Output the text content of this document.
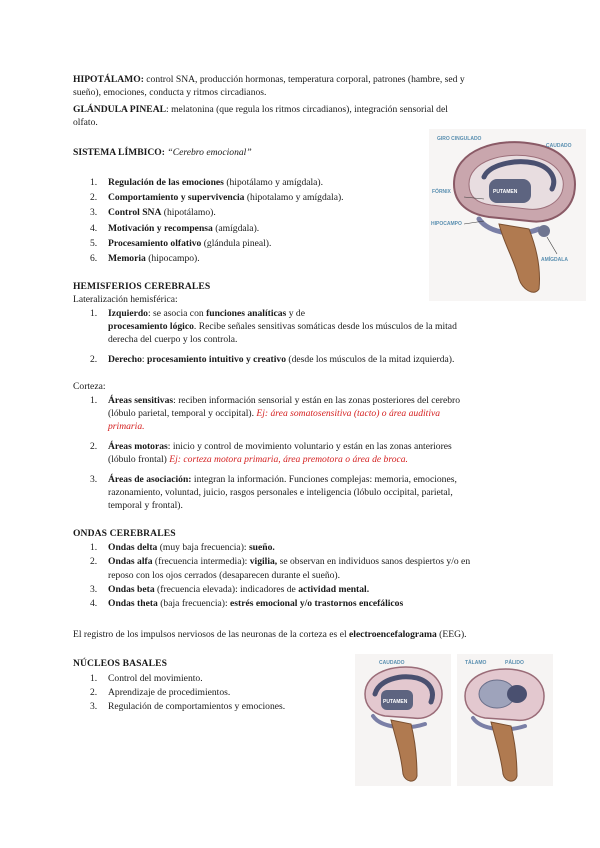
HIPOTÁLAMO: control SNA, producción hormonas, temperatura corporal, patrones (hambre, sed y
sueño), emociones, conducta y ritmos circadianos.

GLÁNDULA PINEAL: melatonina (que regula los ritmos circadianos), integración sensorial del
olfato.

SISTEMA LÍMBICO: “Cerebro emocional”

1. Regulación de las emociones (hipotálamo y amígdala).
2. Comportamiento y supervivencia (hipotalamo y amígdala).
3. Control SNA (hipotálamo).
4. Motivación y recompensa (amígdala).
5. Procesamiento olfativo (glándula pineal).
6. Memoria (hipocampo).
GIRO CINGULADO
CAUDADO
FÓRNIX	PUTAMEN
HIPOCAMPO
AMÍGDALA

HEMISFERIOS CEREBRALES

Lateralización hemisférica:

1. Izquierdo: se asocia con funciones analíticas y de
procesamiento lógico. Recibe señales sensitivas somáticas desde los músculos de la mitad
derecha del cuerpo y los controla.
2. Derecho: procesamiento intuitivo y creativo (desde los músculos de la mitad izquierda).

Corteza:

1. Áreas sensitivas: reciben información sensorial y están en las zonas posteriores del cerebro
(lóbulo parietal, temporal y occipital). Ej: área somatosensitiva (tacto) o área auditiva
primaria.
2. Áreas motoras: inicio y control de movimiento voluntario y están en las zonas anteriores
(lóbulo frontal) Ej: corteza motora primaria, área premotora o área de broca.
3. Áreas de asociación: integran la información. Funciones complejas: memoria, emociones,
razonamiento, voluntad, juicio, rasgos personales e inteligencia (lóbulo occipital, parietal,
temporal y frontal).

ONDAS CEREBRALES

1. Ondas delta (muy baja frecuencia): sueño.
2. Ondas alfa (frecuencia intermedia): vigilia, se observan en individuos sanos despiertos y/o en
reposo con los ojos cerrados (desaparecen durante el sueño).
3. Ondas beta (frecuencia elevada): indicadores de actividad mental.
4. Ondas theta (baja frecuencia): estrés emocional y/o trastornos encefálicos

El registro de los impulsos nerviosos de las neuronas de la corteza es el electroencefalograma (EEG).

NÚCLEOS BASALES

1. Control del movimiento.
2. Aprendizaje de procedimientos.
3. Regulación de comportamientos y emociones.
CAUDADO
PUTAMEN
TÁLAMO	PÁLIDO
